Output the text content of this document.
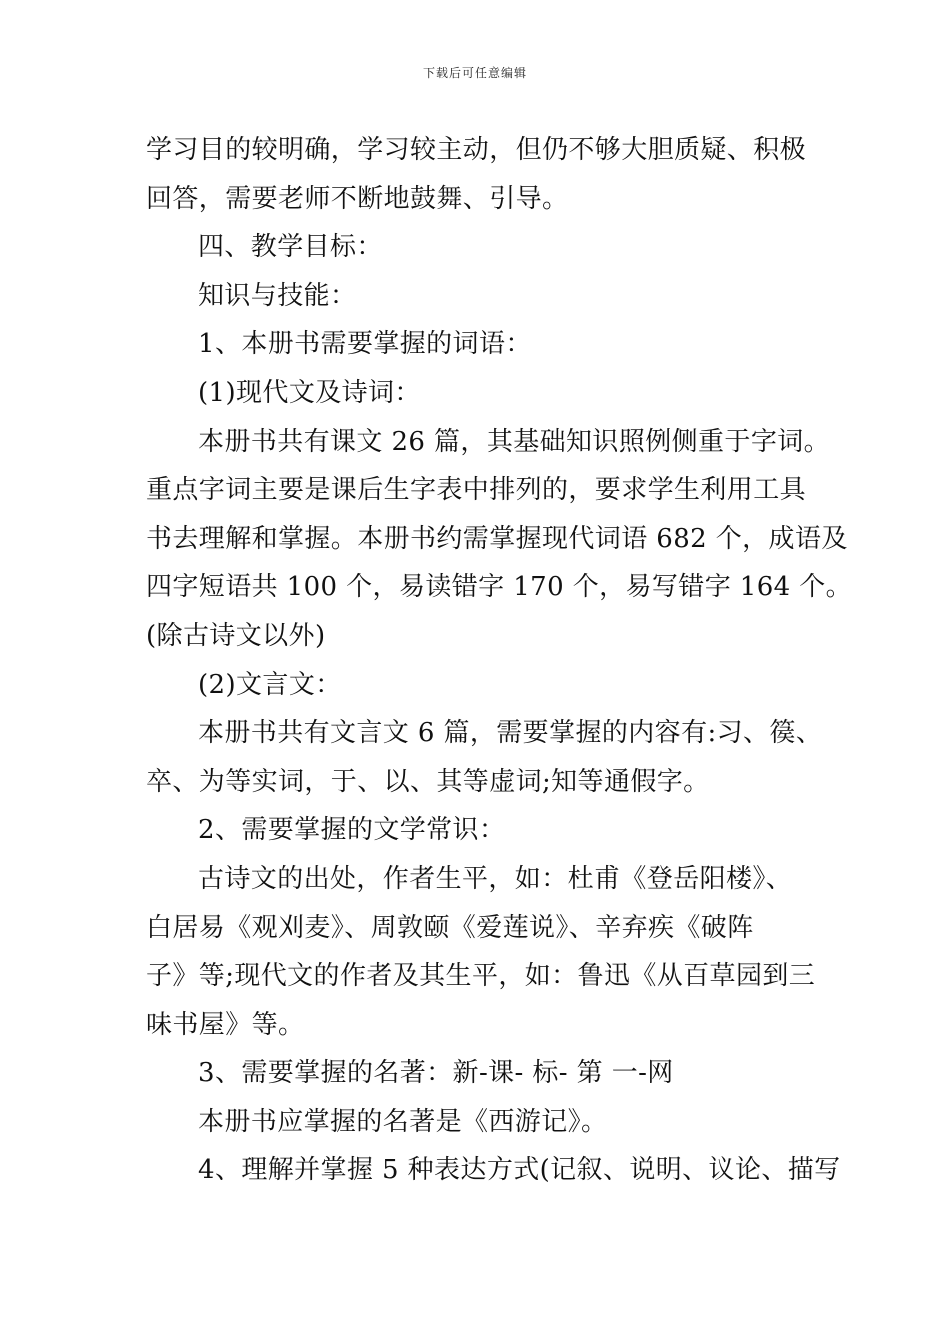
下载后可任意编辑
学习目的较明确，学习较主动，但仍不够大胆质疑、积极
回答，需要老师不断地鼓舞、引导。
四、教学目标：
知识与技能：
1、本册书需要掌握的词语：
(1)现代文及诗词：
本册书共有课文 26 篇，其基础知识照例侧重于字词。
重点字词主要是课后生字表中排列的，要求学生利用工具
书去理解和掌握。本册书约需掌握现代词语 682 个，成语及
四字短语共 100 个，易读错字 170 个，易写错字 164 个。
(除古诗文以外)
(2)文言文：
本册书共有文言文 6 篇，需要掌握的内容有:习、篌、
卒、为等实词，于、以、其等虚词;知等通假字。
2、需要掌握的文学常识：
古诗文的出处，作者生平，如：杜甫《登岳阳楼》、
白居易《观刈麦》、周敦颐《爱莲说》、辛弃疾《破阵
子》等;现代文的作者及其生平，如：鲁迅《从百草园到三
味书屋》等。
3、需要掌握的名著：新-课- 标- 第 一-网
本册书应掌握的名著是《西游记》。
4、理解并掌握 5 种表达方式(记叙、说明、议论、描写
